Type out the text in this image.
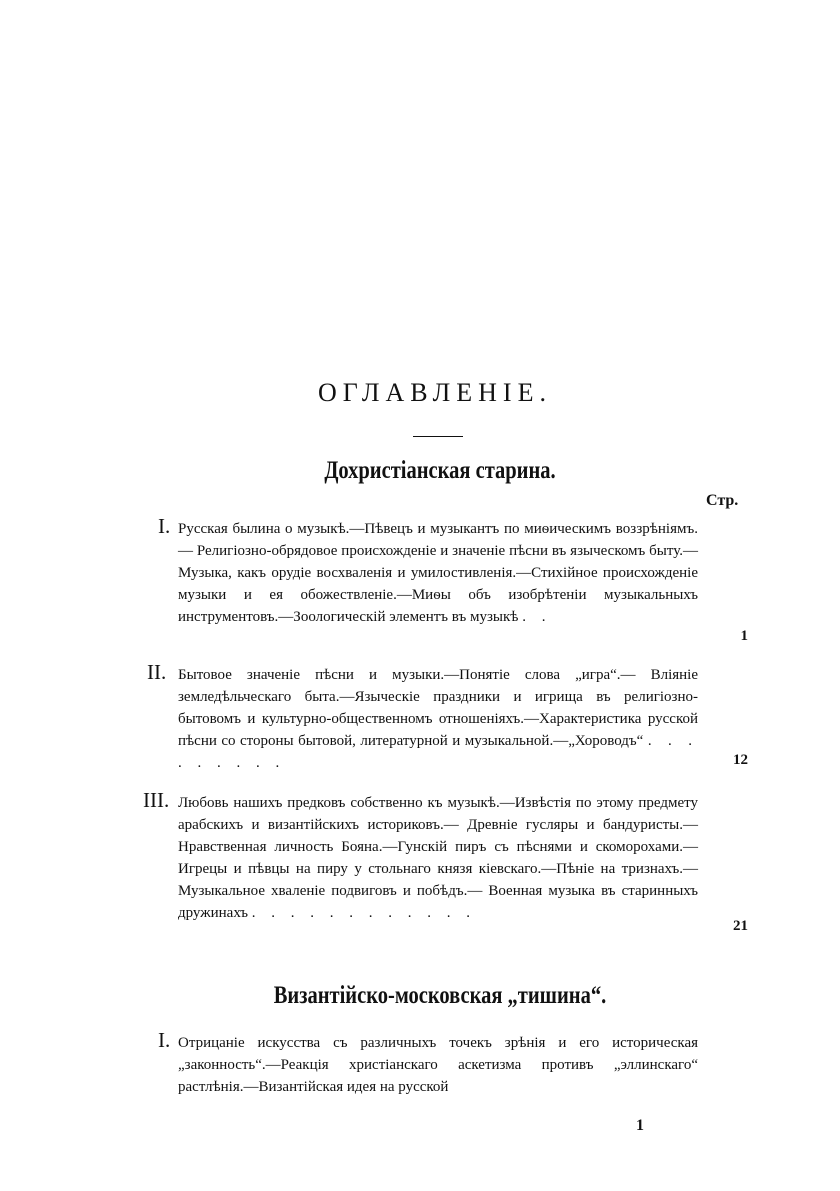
ОГЛАВЛЕНІЕ.
Дохристіанская старина.
Стр.
I. Русская былина о музыкѣ.—Пѣвецъ и музыкантъ по миѳическимъ воззрѣніямъ. — Религіозно-обрядовое происхожденіе и значеніе пѣсни въ языческомъ быту.—Музыка, какъ орудіе восхваленія и умилостивленія.—Стихійное происхожденіе музыки и ея обожествленіе.—Миѳы объ изобрѣтеніи музыкальныхъ инструментовъ.—Зоологическій элементъ въ музыкѣ . .
1
II. Бытовое значеніе пѣсни и музыки.—Понятіе слова „игра“.— Вліяніе земледѣльческаго быта.—Языческіе праздники и игрища въ религіозно-бытовомъ и культурно-общественномъ отношеніяхъ.—Характеристика русской пѣсни со стороны бытовой, литературной и музыкальной.—„Хороводъ“ . . . . . . . . .	12
III. Любовь нашихъ предковъ собственно къ музыкѣ.—Извѣстія по этому предмету арабскихъ и византійскихъ историковъ.— Древніе гусляры и бандуристы.—Нравственная личность Бояна.—Гунскій пиръ съ пѣснями и скоморохами.—Игрецы и пѣвцы на пиру у стольнаго князя кіевскаго.—Пѣніе на тризнахъ.—Музыкальное хваленіе подвиговъ и побѣдъ.— Военная музыка въ старинныхъ дружинахъ . . . . . . . . . . . .
21
Византійско-московская „тишина“.
I. Отрицаніе искусства съ различныхъ точекъ зрѣнія и его историческая „законность“.—Реакція христіанскаго аскетизма противъ „эллинскаго“ растлѣнія.—Византійская идея на русской
1
